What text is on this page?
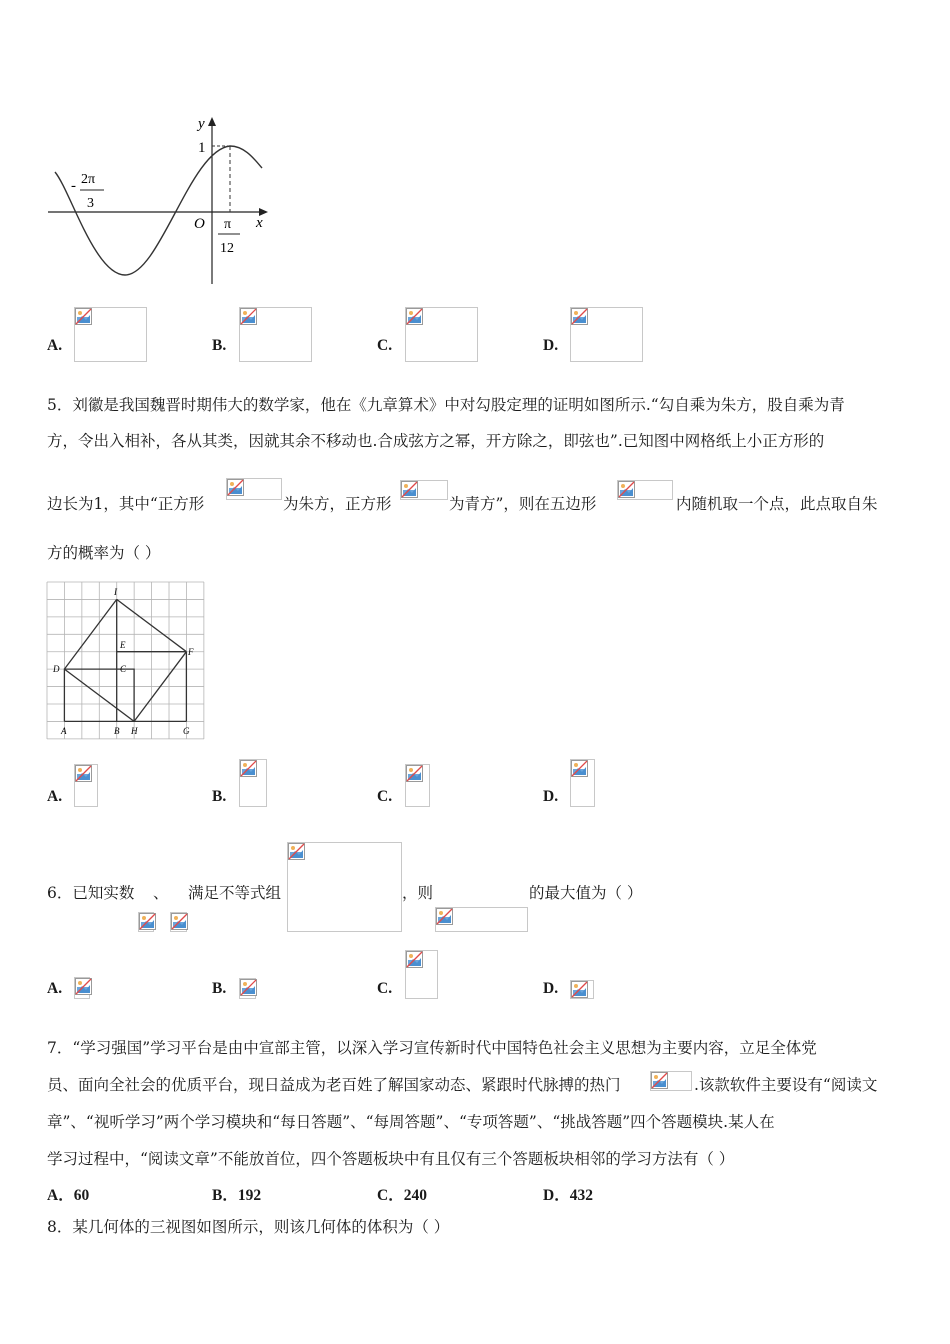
y
x
O
1
- 2π
3
π
12
A.	B.	C.	D.
5．刘徽是我国魏晋时期伟大的数学家，他在《九章算术》中对勾股定理的证明如图所示.“勾自乘为朱方，股自乘为青
方，令出入相补，各从其类，因就其余不移动也.合成弦方之幂，开方除之，即弦也”.已知图中网格纸上小正方形的
边长为1，其中“正方形	为朱方，正方形	为青方”，则在五边形	内随机取一个点，此点取自朱
方的概率为（ ）
I
E
F
D	C
A	B H	G
A.	B.	C.	D.
6．已知实数 、 满足不等式组	，则	的最大值为（ ）
A.	B.	C.	D.
7．“学习强国”学习平台是由中宣部主管，以深入学习宣传新时代中国特色社会主义思想为主要内容，立足全体党
员、面向全社会的优质平台，现日益成为老百姓了解国家动态、紧跟时代脉搏的热门	.该款软件主要设有“阅读文
章”、“视听学习”两个学习模块和“每日答题”、“每周答题”、“专项答题”、“挑战答题”四个答题模块.某人在
学习过程中，“阅读文章”不能放首位，四个答题板块中有且仅有三个答题板块相邻的学习方法有（ ）
A．60	B．192	C．240	D．432
8．某几何体的三视图如图所示，则该几何体的体积为（ ）
